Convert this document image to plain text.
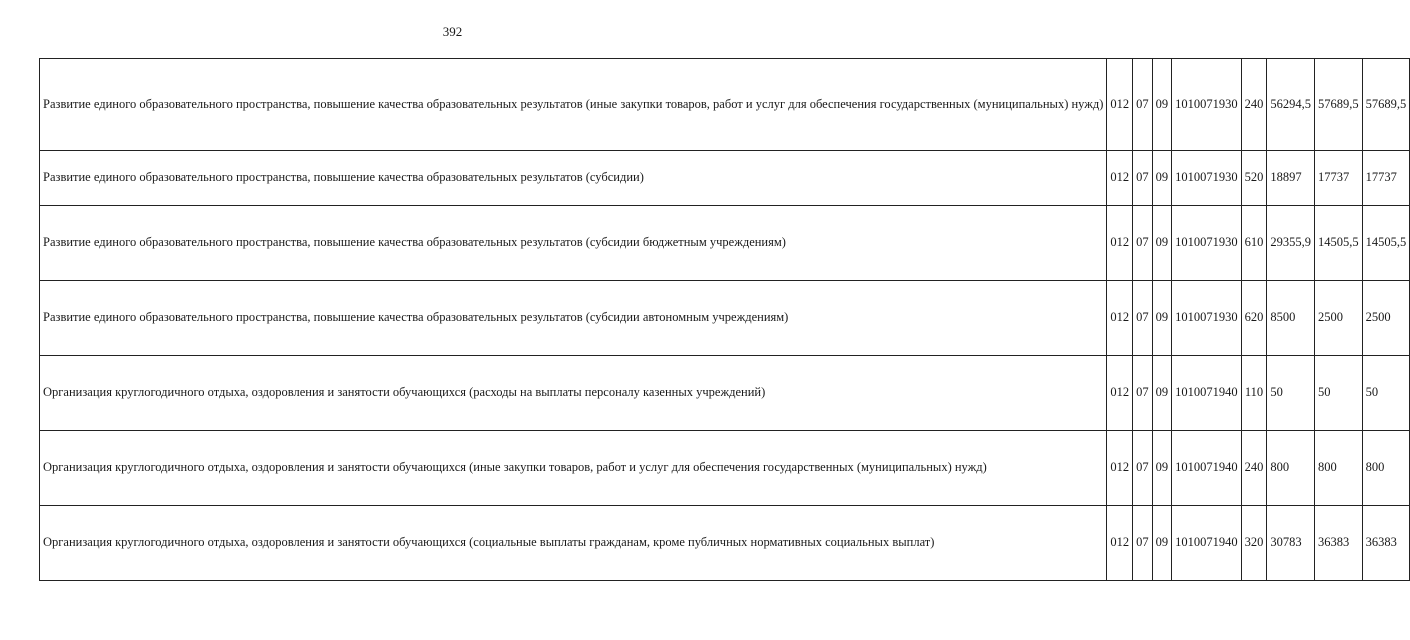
392
Развитие единого образовательного пространства, повышение качества образовательных результатов (иные закупки товаров, работ и услуг для обеспечения государственных (муниципальных) нужд)	012	07	09	1010071930	240	56294,5	57689,5	57689,5
Развитие единого образовательного пространства, повышение качества образовательных результатов (субсидии)	012	07	09	1010071930	520	18897	17737	17737
Развитие единого образовательного пространства, повышение качества образовательных результатов (субсидии бюджетным учреждениям)	012	07	09	1010071930	610	29355,9	14505,5	14505,5
Развитие единого образовательного пространства, повышение качества образовательных результатов (субсидии автономным учреждениям)	012	07	09	1010071930	620	8500	2500	2500
Организация круглогодичного отдыха, оздоровления и занятости обучающихся (расходы на выплаты персоналу казенных учреждений)	012	07	09	1010071940	110	50	50	50
Организация круглогодичного отдыха, оздоровления и занятости обучающихся (иные закупки товаров, работ и услуг для обеспечения государственных (муниципальных) нужд)	012	07	09	1010071940	240	800	800	800
Организация круглогодичного отдыха, оздоровления и занятости обучающихся (социальные выплаты гражданам, кроме публичных нормативных социальных выплат)	012	07	09	1010071940	320	30783	36383	36383
